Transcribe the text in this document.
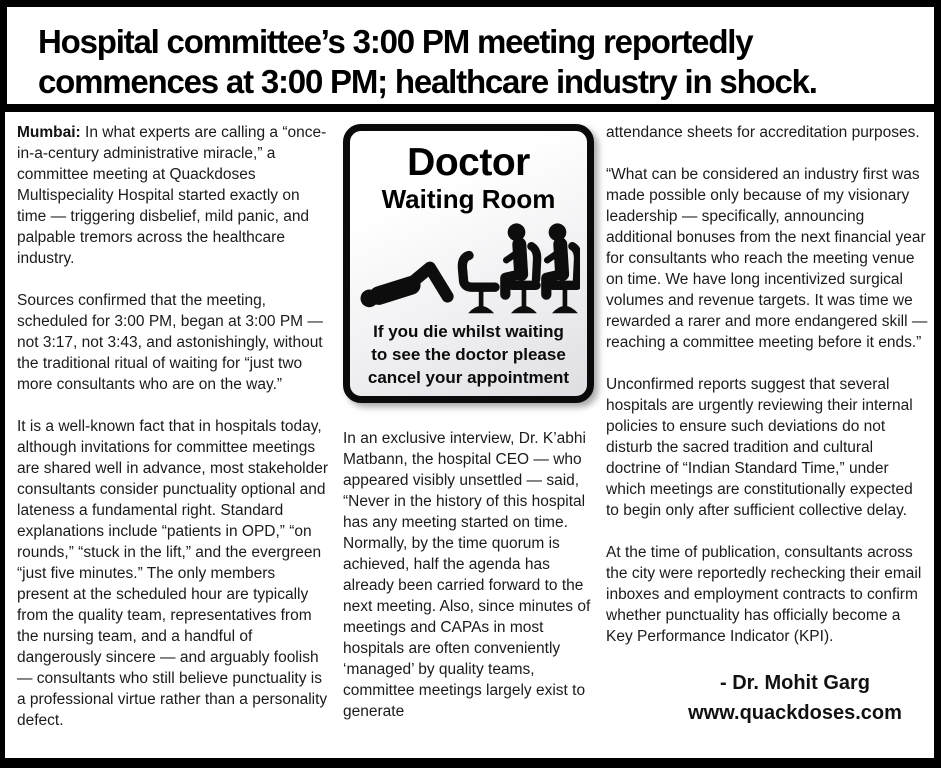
Hospital committee’s 3:00 PM meeting reportedly
commences at 3:00 PM; healthcare industry in shock.

Mumbai: In what experts are calling a “once-in-a-century administrative miracle,” a committee meeting at Quackdoses Multispeciality Hospital started exactly on time — triggering disbelief, mild panic, and palpable tremors across the healthcare industry.

Sources confirmed that the meeting, scheduled for 3:00 PM, began at 3:00 PM — not 3:17, not 3:43, and astonishingly, without the traditional ritual of waiting for “just two more consultants who are on the way.”

It is a well-known fact that in hospitals today, although invitations for committee meetings are shared well in advance, most stakeholder consultants consider punctuality optional and lateness a fundamental right. Standard explanations include “patients in OPD,” “on rounds,” “stuck in the lift,” and the evergreen “just five minutes.” The only members present at the scheduled hour are typically from the quality team, representatives from the nursing team, and a handful of dangerously sincere — and arguably foolish — consultants who still believe punctuality is a professional virtue rather than a personality defect.

Doctor
Waiting Room
If you die whilst waiting
to see the doctor please
cancel your appointment

In an exclusive interview, Dr. K’abhi Matbann, the hospital CEO — who appeared visibly unsettled — said, “Never in the history of this hospital has any meeting started on time. Normally, by the time quorum is achieved, half the agenda has already been carried forward to the next meeting. Also, since minutes of meetings and CAPAs in most hospitals are often conveniently ‘managed’ by quality teams, committee meetings largely exist to generate

attendance sheets for accreditation purposes.

“What can be considered an industry first was made possible only because of my visionary leadership — specifically, announcing additional bonuses from the next financial year for consultants who reach the meeting venue on time. We have long incentivized surgical volumes and revenue targets. It was time we rewarded a rarer and more endangered skill — reaching a committee meeting before it ends.”

Unconfirmed reports suggest that several hospitals are urgently reviewing their internal policies to ensure such deviations do not disturb the sacred tradition and cultural doctrine of “Indian Standard Time,” under which meetings are constitutionally expected to begin only after sufficient collective delay.

At the time of publication, consultants across the city were reportedly rechecking their email inboxes and employment contracts to confirm whether punctuality has officially become a Key Performance Indicator (KPI).

- Dr. Mohit Garg
www.quackdoses.com
